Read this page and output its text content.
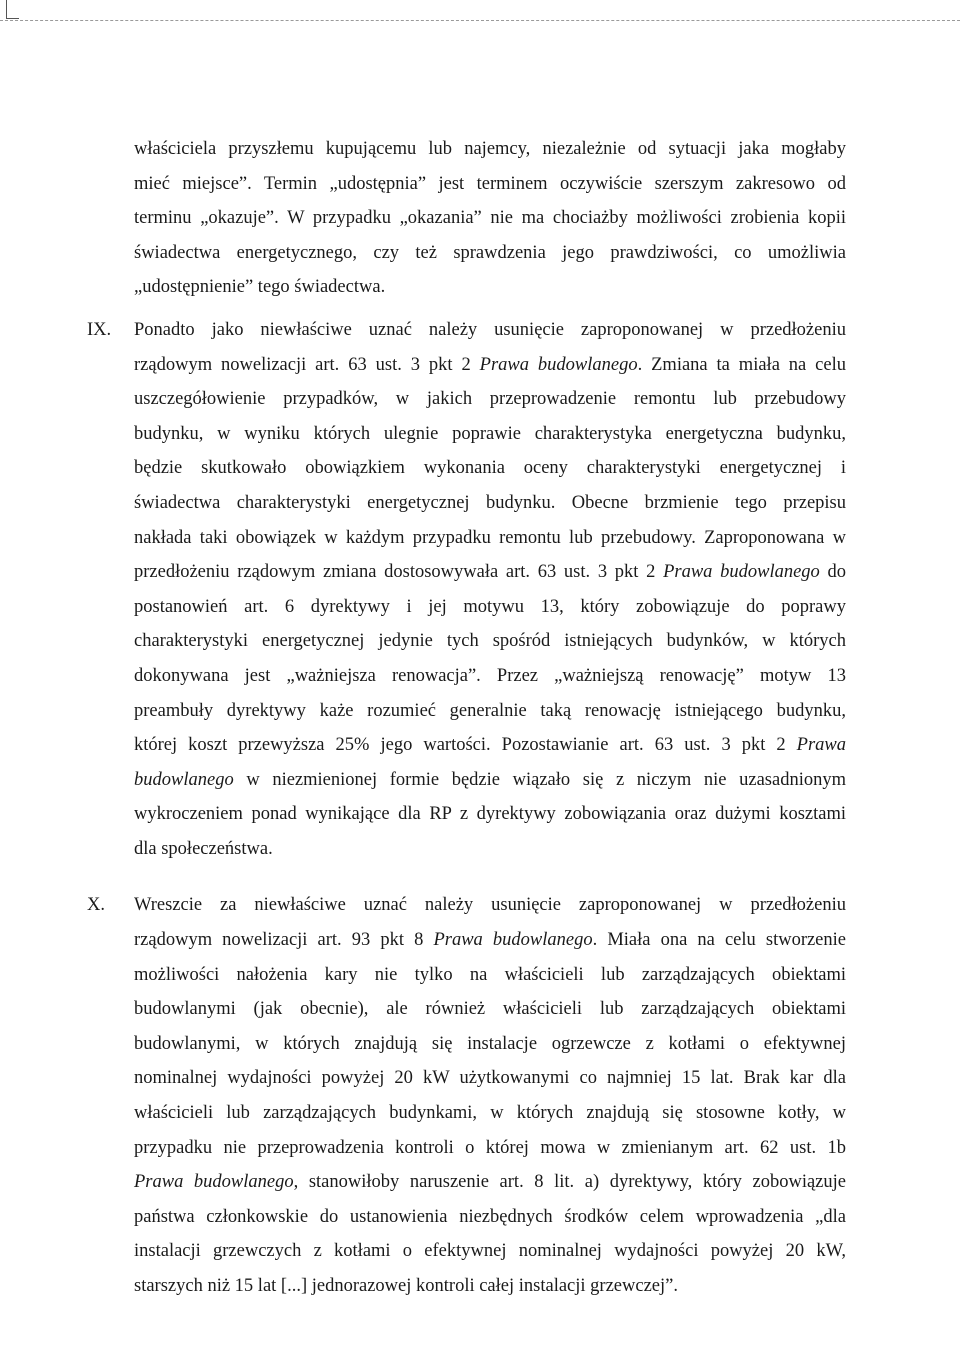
właściciela przyszłemu kupującemu lub najemcy, niezależnie od sytuacji jaka mogłaby
mieć miejsce”. Termin „udostępnia” jest terminem oczywiście szerszym zakresowo od
terminu „okazuje”. W przypadku „okazania” nie ma chociażby możliwości zrobienia kopii
świadectwa energetycznego, czy też sprawdzenia jego prawdziwości, co umożliwia
„udostępnienie” tego świadectwa.

IX. Ponadto jako niewłaściwe uznać należy usunięcie zaproponowanej w przedłożeniu
rządowym nowelizacji art. 63 ust. 3 pkt 2 Prawa budowlanego. Zmiana ta miała na celu
uszczegółowienie przypadków, w jakich przeprowadzenie remontu lub przebudowy
budynku, w wyniku których ulegnie poprawie charakterystyka energetyczna budynku,
będzie skutkowało obowiązkiem wykonania oceny charakterystyki energetycznej i
świadectwa charakterystyki energetycznej budynku. Obecne brzmienie tego przepisu
nakłada taki obowiązek w każdym przypadku remontu lub przebudowy. Zaproponowana w
przedłożeniu rządowym zmiana dostosowywała art. 63 ust. 3 pkt 2 Prawa budowlanego do
postanowień art. 6 dyrektywy i jej motywu 13, który zobowiązuje do poprawy
charakterystyki energetycznej jedynie tych spośród istniejących budynków, w których
dokonywana jest „ważniejsza renowacja”. Przez „ważniejszą renowację” motyw 13
preambuły dyrektywy każe rozumieć generalnie taką renowację istniejącego budynku,
której koszt przewyższa 25% jego wartości. Pozostawianie art. 63 ust. 3 pkt 2 Prawa
budowlanego w niezmienionej formie będzie wiązało się z niczym nie uzasadnionym
wykroczeniem ponad wynikające dla RP z dyrektywy zobowiązania oraz dużymi kosztami
dla społeczeństwa.
X. Wreszcie za niewłaściwe uznać należy usunięcie zaproponowanej w przedłożeniu
rządowym nowelizacji art. 93 pkt 8 Prawa budowlanego. Miała ona na celu stworzenie
możliwości nałożenia kary nie tylko na właścicieli lub zarządzających obiektami
budowlanymi (jak obecnie), ale również właścicieli lub zarządzających obiektami
budowlanymi, w których znajdują się instalacje ogrzewcze z kotłami o efektywnej
nominalnej wydajności powyżej 20 kW użytkowanymi co najmniej 15 lat. Brak kar dla
właścicieli lub zarządzających budynkami, w których znajdują się stosowne kotły, w
przypadku nie przeprowadzenia kontroli o której mowa w zmienianym art. 62 ust. 1b
Prawa budowlanego, stanowiłoby naruszenie art. 8 lit. a) dyrektywy, który zobowiązuje
państwa członkowskie do ustanowienia niezbędnych środków celem wprowadzenia „dla
instalacji grzewczych z kotłami o efektywnej nominalnej wydajności powyżej 20 kW,
starszych niż 15 lat [...] jednorazowej kontroli całej instalacji grzewczej”.
